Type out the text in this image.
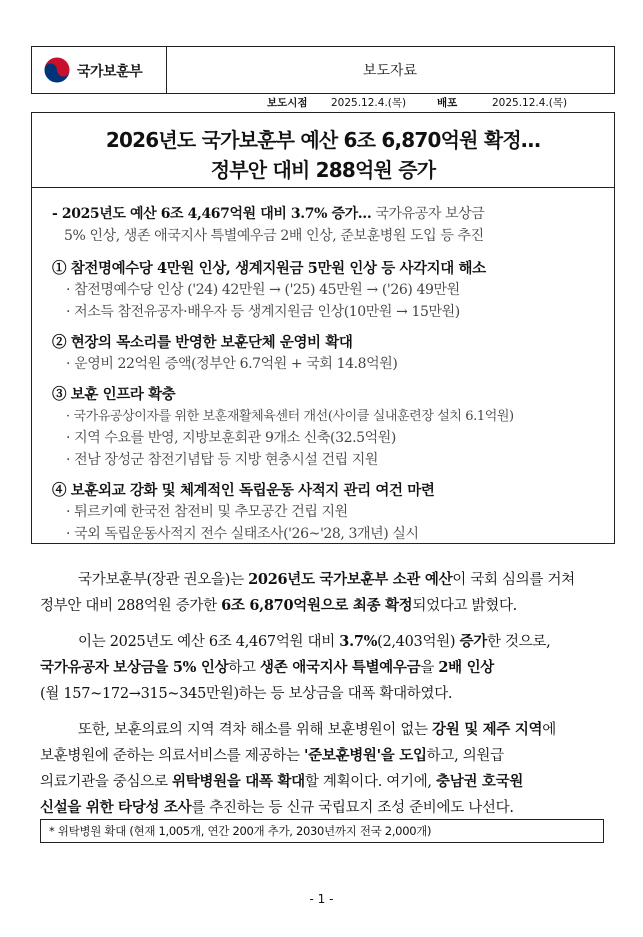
국가보훈부	보도자료
보도시점 2025.12.4.(목)	배포	2025.12.4.(목)
2026년도 국가보훈부 예산 6조 6,870억원 확정…
정부안 대비 288억원 증가
- 2025년도 예산 6조 4,467억원 대비 3.7% 증가… 국가유공자 보상금
5% 인상, 생존 애국지사 특별예우금 2배 인상, 준보훈병원 도입 등 추진
① 참전명예수당 4만원 인상, 생계지원금 5만원 인상 등 사각지대 해소
· 참전명예수당 인상 ('24) 42만원 → ('25) 45만원 → ('26) 49만원
· 저소득 참전유공자·배우자 등 생계지원금 인상(10만원 → 15만원)
② 현장의 목소리를 반영한 보훈단체 운영비 확대
· 운영비 22억원 증액(정부안 6.7억원 + 국회 14.8억원)
③ 보훈 인프라 확충
· 국가유공상이자를 위한 보훈재활체육센터 개선(사이클 실내훈련장 설치 6.1억원)
· 지역 수요를 반영, 지방보훈회관 9개소 신축(32.5억원)
· 전남 장성군 참전기념탑 등 지방 현충시설 건립 지원
④ 보훈외교 강화 및 체계적인 독립운동 사적지 관리 여건 마련
· 튀르키예 한국전 참전비 및 추모공간 건립 지원
· 국외 독립운동사적지 전수 실태조사('26~'28, 3개년) 실시
국가보훈부(장관 권오을)는 2026년도 국가보훈부 소관 예산이 국회 심의를 거쳐
정부안 대비 288억원 증가한 6조 6,870억원으로 최종 확정되었다고 밝혔다.
이는 2025년도 예산 6조 4,467억원 대비 3.7%(2,403억원) 증가한 것으로,
국가유공자 보상금을 5% 인상하고 생존 애국지사 특별예우금을 2배 인상
(월 157~172→315~345만원)하는 등 보상금을 대폭 확대하였다.
또한, 보훈의료의 지역 격차 해소를 위해 보훈병원이 없는 강원 및 제주 지역에
보훈병원에 준하는 의료서비스를 제공하는 '준보훈병원'을 도입하고, 의원급
의료기관을 중심으로 위탁병원을 대폭 확대할 계획이다. 여기에, 충남권 호국원
신설을 위한 타당성 조사를 추진하는 등 신규 국립묘지 조성 준비에도 나선다.
* 위탁병원 확대 (현재 1,005개, 연간 200개 추가, 2030년까지 전국 2,000개)
- 1 -
